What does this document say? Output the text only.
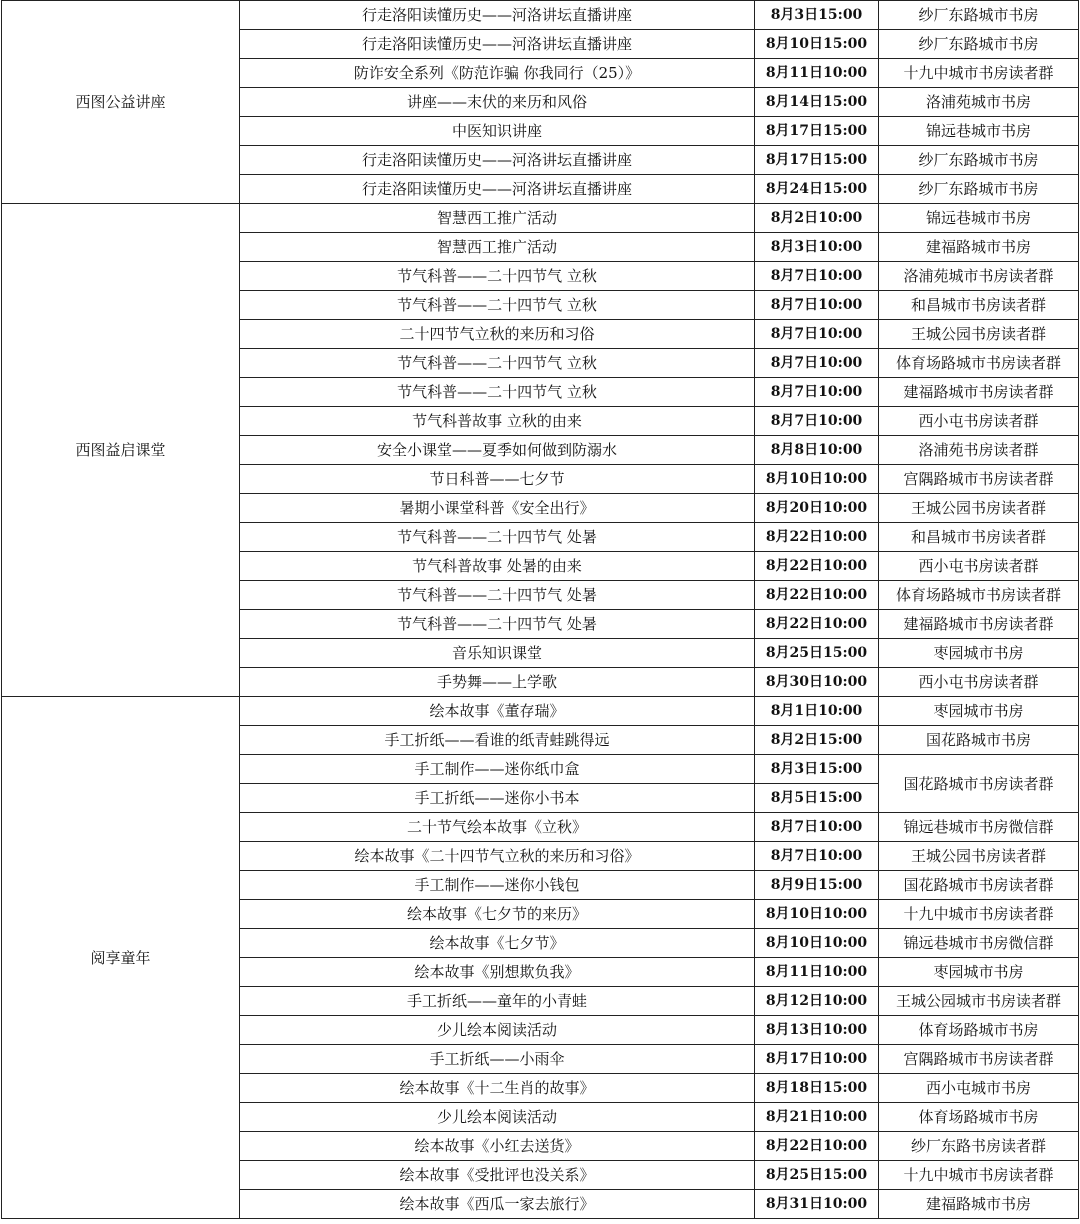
西图公益讲座	行走洛阳读懂历史——河洛讲坛直播讲座	8月3日15:00	纱厂东路城市书房
	行走洛阳读懂历史——河洛讲坛直播讲座	8月10日15:00	纱厂东路城市书房
	防诈安全系列《防范诈骗 你我同行（25）》	8月11日10:00	十九中城市书房读者群
	讲座——末伏的来历和风俗	8月14日15:00	洛浦苑城市书房
	中医知识讲座	8月17日15:00	锦远巷城市书房
	行走洛阳读懂历史——河洛讲坛直播讲座	8月17日15:00	纱厂东路城市书房
	行走洛阳读懂历史——河洛讲坛直播讲座	8月24日15:00	纱厂东路城市书房
西图益启课堂	智慧西工推广活动	8月2日10:00	锦远巷城市书房
	智慧西工推广活动	8月3日10:00	建福路城市书房
	节气科普——二十四节气 立秋	8月7日10:00	洛浦苑城市书房读者群
	节气科普——二十四节气 立秋	8月7日10:00	和昌城市书房读者群
	二十四节气立秋的来历和习俗	8月7日10:00	王城公园书房读者群
	节气科普——二十四节气 立秋	8月7日10:00	体育场路城市书房读者群
	节气科普——二十四节气 立秋	8月7日10:00	建福路城市书房读者群
	节气科普故事 立秋的由来	8月7日10:00	西小屯书房读者群
	安全小课堂——夏季如何做到防溺水	8月8日10:00	洛浦苑书房读者群
	节日科普——七夕节	8月10日10:00	宫隅路城市书房读者群
	暑期小课堂科普《安全出行》	8月20日10:00	王城公园书房读者群
	节气科普——二十四节气 处暑	8月22日10:00	和昌城市书房读者群
	节气科普故事 处暑的由来	8月22日10:00	西小屯书房读者群
	节气科普——二十四节气 处暑	8月22日10:00	体育场路城市书房读者群
	节气科普——二十四节气 处暑	8月22日10:00	建福路城市书房读者群
	音乐知识课堂	8月25日15:00	枣园城市书房
	手势舞——上学歌	8月30日10:00	西小屯书房读者群
阅享童年	绘本故事《董存瑞》	8月1日10:00	枣园城市书房
	手工折纸——看谁的纸青蛙跳得远	8月2日15:00	国花路城市书房
	手工制作——迷你纸巾盒	8月3日15:00	国花路城市书房读者群
	手工折纸——迷你小书本	8月5日15:00	
	二十节气绘本故事《立秋》	8月7日10:00	锦远巷城市书房微信群
	绘本故事《二十四节气立秋的来历和习俗》	8月7日10:00	王城公园书房读者群
	手工制作——迷你小钱包	8月9日15:00	国花路城市书房读者群
	绘本故事《七夕节的来历》	8月10日10:00	十九中城市书房读者群
	绘本故事《七夕节》	8月10日10:00	锦远巷城市书房微信群
	绘本故事《别想欺负我》	8月11日10:00	枣园城市书房
	手工折纸——童年的小青蛙	8月12日10:00	王城公园城市书房读者群
	少儿绘本阅读活动	8月13日10:00	体育场路城市书房
	手工折纸——小雨伞	8月17日10:00	宫隅路城市书房读者群
	绘本故事《十二生肖的故事》	8月18日15:00	西小屯城市书房
	少儿绘本阅读活动	8月21日10:00	体育场路城市书房
	绘本故事《小红去送货》	8月22日10:00	纱厂东路书房读者群
	绘本故事《受批评也没关系》	8月25日15:00	十九中城市书房读者群
	绘本故事《西瓜一家去旅行》	8月31日10:00	建福路城市书房
